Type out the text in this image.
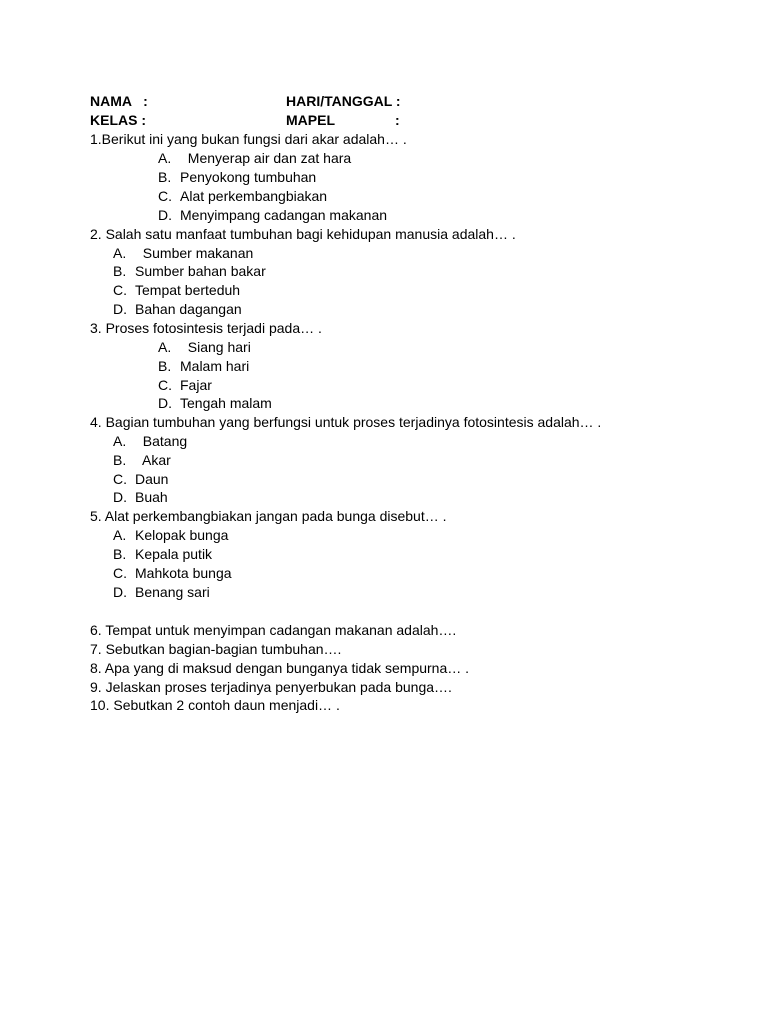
NAMA   :	HARI/TANGGAL :
KELAS :	MAPEL	:
1.Berikut ini yang bukan fungsi dari akar adalah… .
A.  Menyerap air dan zat hara
B. Penyokong tumbuhan
C. Alat perkembangbiakan
D. Menyimpang cadangan makanan
2. Salah satu manfaat tumbuhan bagi kehidupan manusia adalah… .
A.  Sumber makanan
B. Sumber bahan bakar
C. Tempat berteduh
D. Bahan dagangan
3. Proses fotosintesis terjadi pada… .
A.  Siang hari
B. Malam hari
C. Fajar
D. Tengah malam
4. Bagian tumbuhan yang berfungsi untuk proses terjadinya fotosintesis adalah… .
A.  Batang
B.  Akar
C. Daun
D. Buah
5. Alat perkembangbiakan jangan pada bunga disebut… .
A. Kelopak bunga
B. Kepala putik
C. Mahkota bunga
D. Benang sari
6. Tempat untuk menyimpan cadangan makanan adalah….
7. Sebutkan bagian-bagian tumbuhan….
8. Apa yang di maksud dengan bunganya tidak sempurna… .
9. Jelaskan proses terjadinya penyerbukan pada bunga….
10. Sebutkan 2 contoh daun menjadi… .
